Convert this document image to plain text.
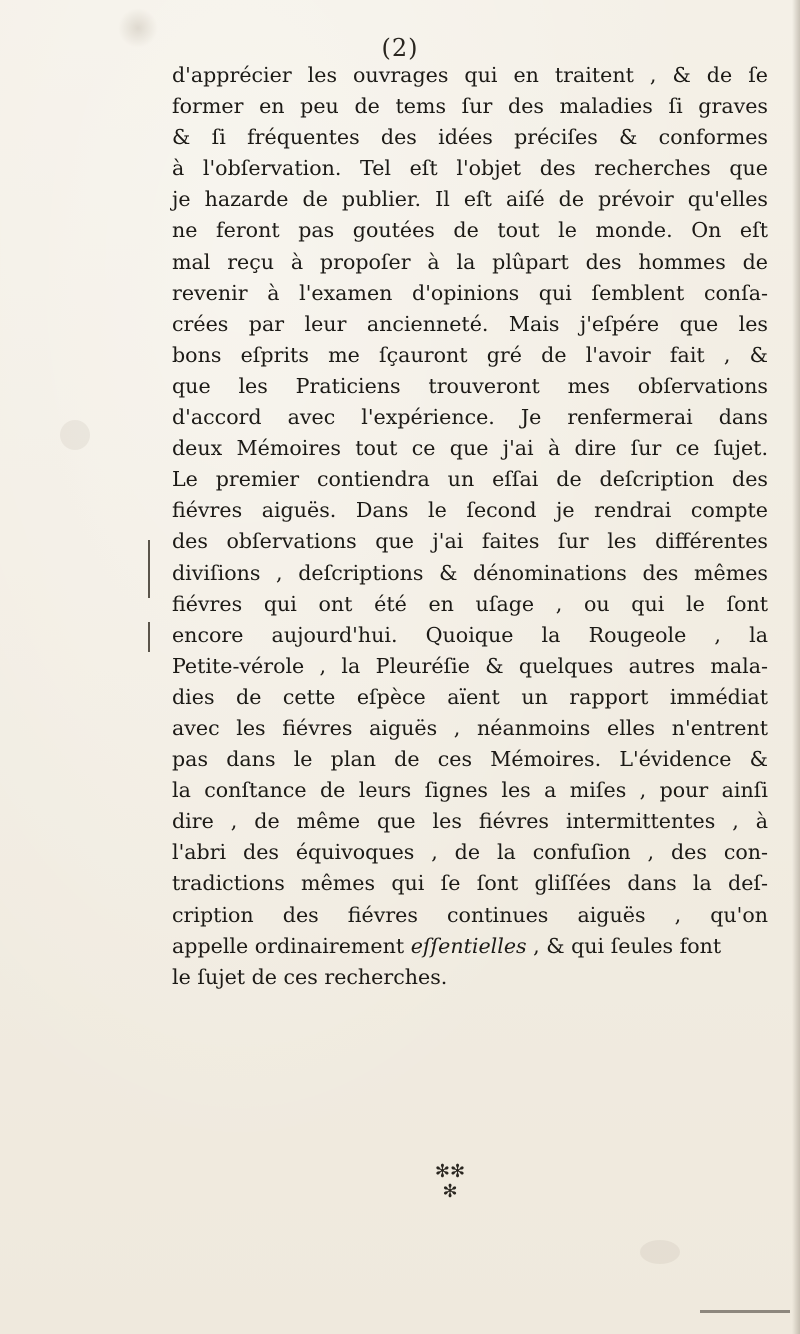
(2)
d'apprécier les ouvrages qui en traitent , & de ſe
former en peu de tems ſur des maladies ſi graves
& ſi fréquentes des idées préciſes & conformes
à l'obſervation. Tel eſt l'objet des recherches que
je hazarde de publier. Il eſt aiſé de prévoir qu'elles
ne feront pas goutées de tout le monde. On eſt
mal reçu à propoſer à la plûpart des hommes de
revenir à l'examen d'opinions qui ſemblent conſa-
crées par leur ancienneté. Mais j'eſpére que les
bons eſprits me ſçauront gré de l'avoir fait , &
que les Praticiens trouveront mes obſervations
d'accord avec l'expérience. Je renfermerai dans
deux Mémoires tout ce que j'ai à dire ſur ce ſujet.
Le premier contiendra un eſſai de deſcription des
fiévres aiguës. Dans le ſecond je rendrai compte
des obſervations que j'ai faites ſur les différentes
diviſions , deſcriptions & dénominations des mêmes
fiévres qui ont été en uſage , ou qui le ſont
encore aujourd'hui. Quoique la Rougeole , la
Petite-vérole , la Pleuréſie & quelques autres mala-
dies de cette eſpèce aïent un rapport immédiat
avec les fiévres aiguës , néanmoins elles n'entrent
pas dans le plan de ces Mémoires. L'évidence &
la conſtance de leurs ſignes les a miſes , pour ainſi
dire , de même que les fiévres intermittentes , à
l'abri des équivoques , de la confuſion , des con-
tradictions mêmes qui ſe ſont gliſſées dans la deſ-
cription des fiévres continues aiguës , qu'on
appelle ordinairement eſſentielles , & qui ſeules font
le ſujet de ces recherches.
✻✻
✻
